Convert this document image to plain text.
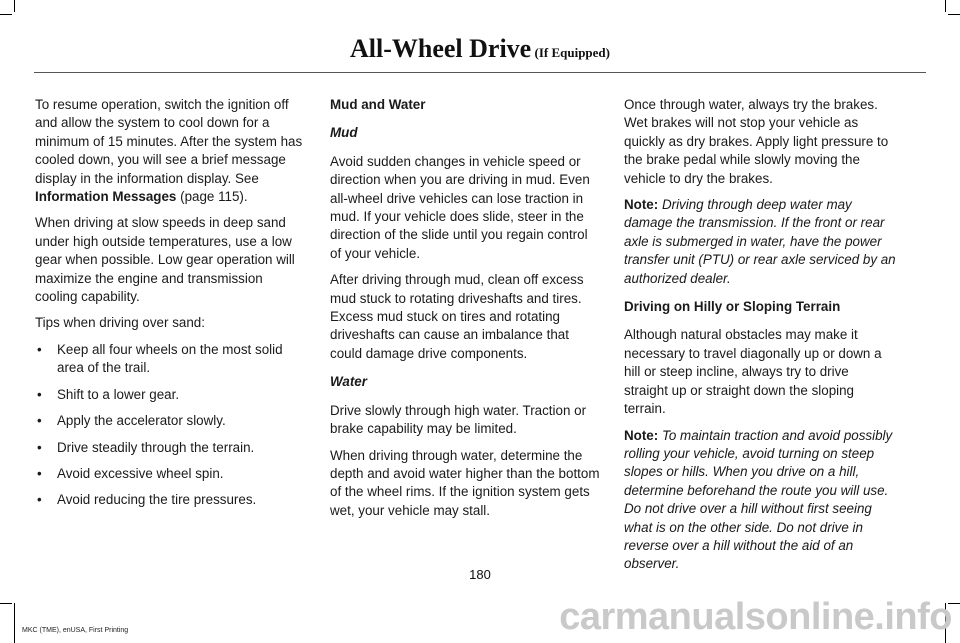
All-Wheel Drive (If Equipped)

To resume operation, switch the ignition off and allow the system to cool down for a minimum of 15 minutes. After the system has cooled down, you will see a brief message display in the information display. See Information Messages (page 115).

When driving at slow speeds in deep sand under high outside temperatures, use a low gear when possible. Low gear operation will maximize the engine and transmission cooling capability.

Tips when driving over sand:

• Keep all four wheels on the most solid area of the trail.
• Shift to a lower gear.
• Apply the accelerator slowly.
• Drive steadily through the terrain.
• Avoid excessive wheel spin.
• Avoid reducing the tire pressures.

Mud and Water

Mud

Avoid sudden changes in vehicle speed or direction when you are driving in mud. Even all-wheel drive vehicles can lose traction in mud. If your vehicle does slide, steer in the direction of the slide until you regain control of your vehicle.

After driving through mud, clean off excess mud stuck to rotating driveshafts and tires. Excess mud stuck on tires and rotating driveshafts can cause an imbalance that could damage drive components.

Water

Drive slowly through high water. Traction or brake capability may be limited.

When driving through water, determine the depth and avoid water higher than the bottom of the wheel rims. If the ignition system gets wet, your vehicle may stall.

Once through water, always try the brakes. Wet brakes will not stop your vehicle as quickly as dry brakes. Apply light pressure to the brake pedal while slowly moving the vehicle to dry the brakes.

Note: Driving through deep water may damage the transmission. If the front or rear axle is submerged in water, have the power transfer unit (PTU) or rear axle serviced by an authorized dealer.

Driving on Hilly or Sloping Terrain

Although natural obstacles may make it necessary to travel diagonally up or down a hill or steep incline, always try to drive straight up or straight down the sloping terrain.

Note: To maintain traction and avoid possibly rolling your vehicle, avoid turning on steep slopes or hills. When you drive on a hill, determine beforehand the route you will use. Do not drive over a hill without first seeing what is on the other side. Do not drive in reverse over a hill without the aid of an observer.

180
MKC (TME), enUSA, First Printing	carmanualsonline.info
